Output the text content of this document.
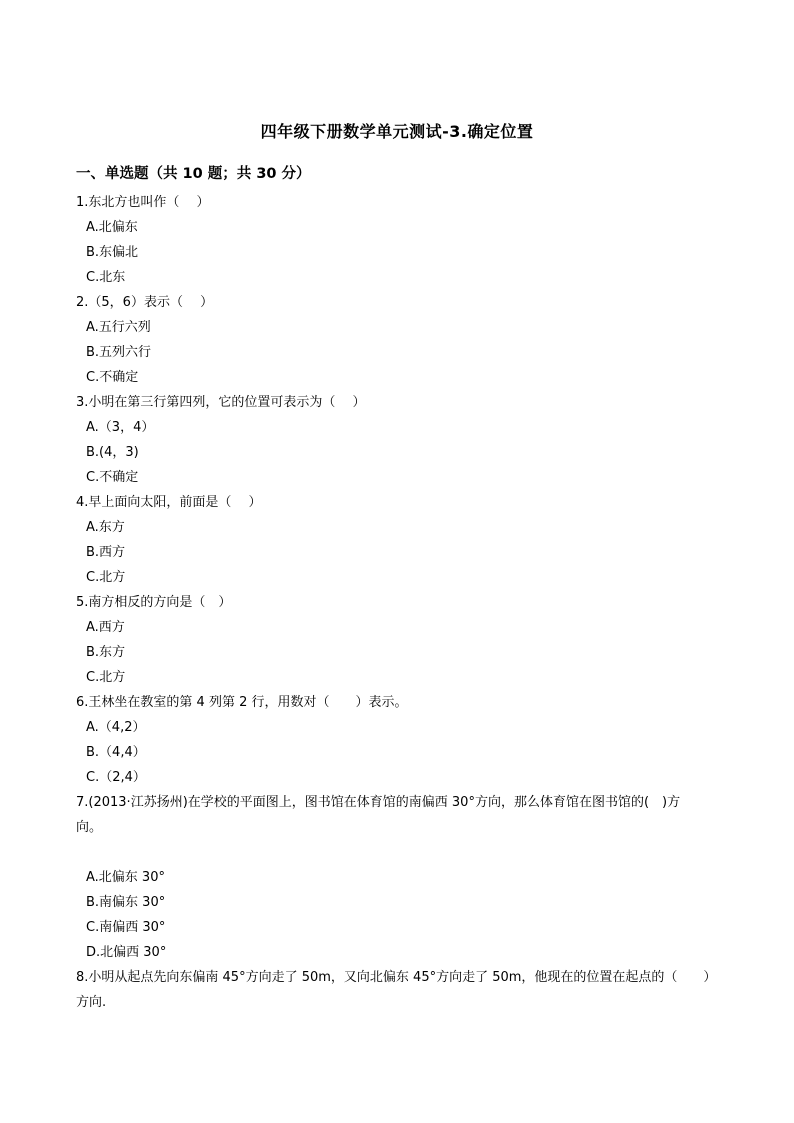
四年级下册数学单元测试-3.确定位置
一、单选题（共 10 题；共 30 分）
1.东北方也叫作（　 ）
A.北偏东
B.东偏北
C.北东
2.（5，6）表示（　 ）
A.五行六列
B.五列六行
C.不确定
3.小明在第三行第四列，它的位置可表示为（　 ）
A.（3，4）
B.(4，3)
C.不确定
4.早上面向太阳，前面是（　 ）
A.东方
B.西方
C.北方
5.南方相反的方向是（　）
A.西方
B.东方
C.北方
6.王林坐在教室的第 4 列第 2 行，用数对（　　）表示。
A.（4,2）
B.（4,4）
C.（2,4）
7.(2013·江苏扬州)在学校的平面图上，图书馆在体育馆的南偏西 30°方向，那么体育馆在图书馆的(　)方
向。
A.北偏东 30°
B.南偏东 30°
C.南偏西 30°
D.北偏西 30°
8.小明从起点先向东偏南 45°方向走了 50m，又向北偏东 45°方向走了 50m，他现在的位置在起点的（　　）
方向.
